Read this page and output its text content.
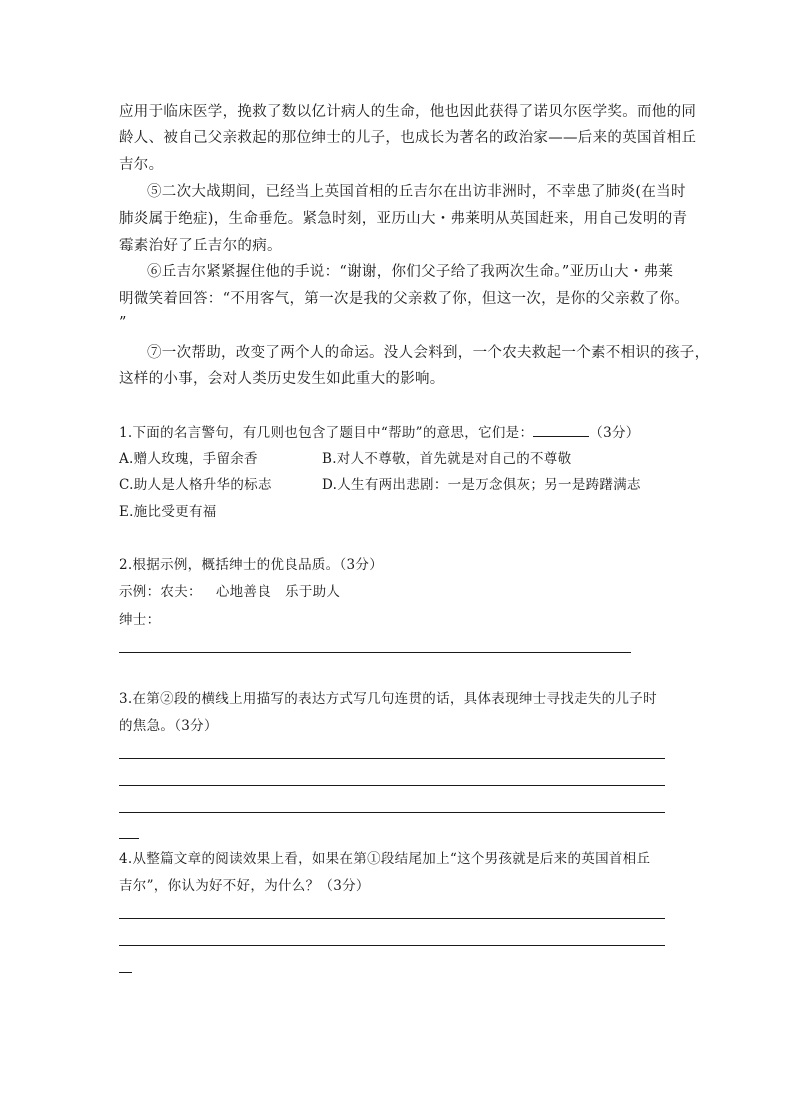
应用于临床医学，挽救了数以亿计病人的生命，他也因此获得了诺贝尔医学奖。而他的同
龄人、被自己父亲救起的那位绅士的儿子，也成长为著名的政治家——后来的英国首相丘
吉尔。
⑤二次大战期间，已经当上英国首相的丘吉尔在出访非洲时，不幸患了肺炎(在当时
肺炎属于绝症)，生命垂危。紧急时刻，亚历山大・弗莱明从英国赶来，用自己发明的青
霉素治好了丘吉尔的病。
⑥丘吉尔紧紧握住他的手说：“谢谢，你们父子给了我两次生命。”亚历山大・弗莱
明微笑着回答：“不用客气，第一次是我的父亲救了你，但这一次，是你的父亲救了你。
”
⑦一次帮助，改变了两个人的命运。没人会料到，一个农夫救起一个素不相识的孩子，
这样的小事，会对人类历史发生如此重大的影响。
1.下面的名言警句，有几则也包含了题目中“帮助”的意思，它们是：	（3分）
A.赠人玫瑰，手留余香	B.对人不尊敬，首先就是对自己的不尊敬
C.助人是人格升华的标志	D.人生有两出悲剧：一是万念俱灰；另一是踌躇满志
E.施比受更有福
2.根据示例，概括绅士的优良品质。（3分）
示例：农夫： 心地善良 乐于助人
绅士：
3.在第②段的横线上用描写的表达方式写几句连贯的话，具体表现绅士寻找走失的儿子时
的焦急。（3分）
4.从整篇文章的阅读效果上看，如果在第①段结尾加上“这个男孩就是后来的英国首相丘
吉尔”，你认为好不好，为什么？（3分）
